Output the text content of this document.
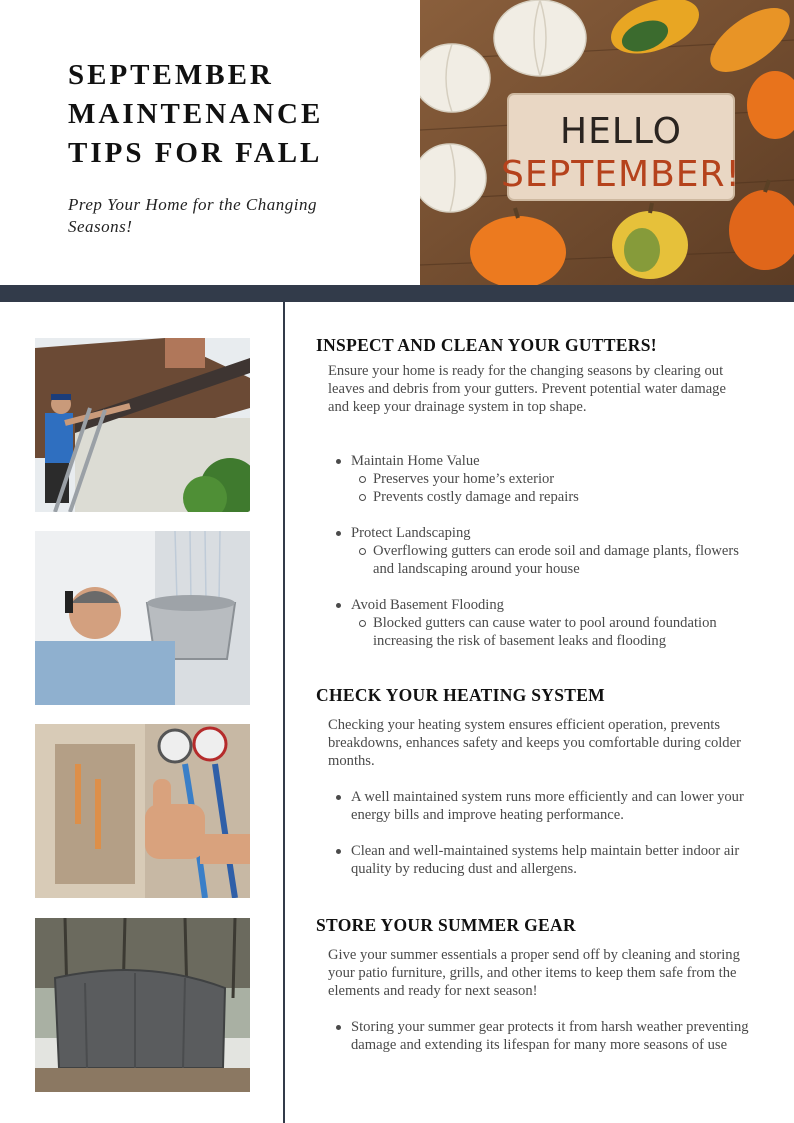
SEPTEMBER
MAINTENANCE
TIPS FOR FALL

Prep Your Home for the Changing Seasons!

HELLO
SEPTEMBER!
INSPECT AND CLEAN YOUR GUTTERS!

Ensure your home is ready for the changing seasons by clearing out leaves and debris from your gutters. Prevent potential water damage and keep your drainage system in top shape.

Maintain Home Value
Preserves your home’s exterior
Prevents costly damage and repairs
Protect Landscaping
Overflowing gutters can erode soil and damage plants, flowers and landscaping around your house
Avoid Basement Flooding
Blocked gutters can cause water to pool around foundation increasing the risk of basement leaks and flooding
CHECK YOUR HEATING SYSTEM

Checking your heating system ensures efficient operation, prevents breakdowns, enhances safety and keeps you comfortable during colder months.

A well maintained system runs more efficiently and can lower your energy bills and improve heating performance.
Clean and well-maintained systems help maintain better indoor air quality by reducing dust and allergens.
STORE YOUR SUMMER GEAR

Give your summer essentials a proper send off by cleaning and storing your patio furniture, grills, and other items to keep them safe from the elements and ready for next season!

Storing your summer gear protects it from harsh weather preventing damage and extending its lifespan for many more seasons of use
